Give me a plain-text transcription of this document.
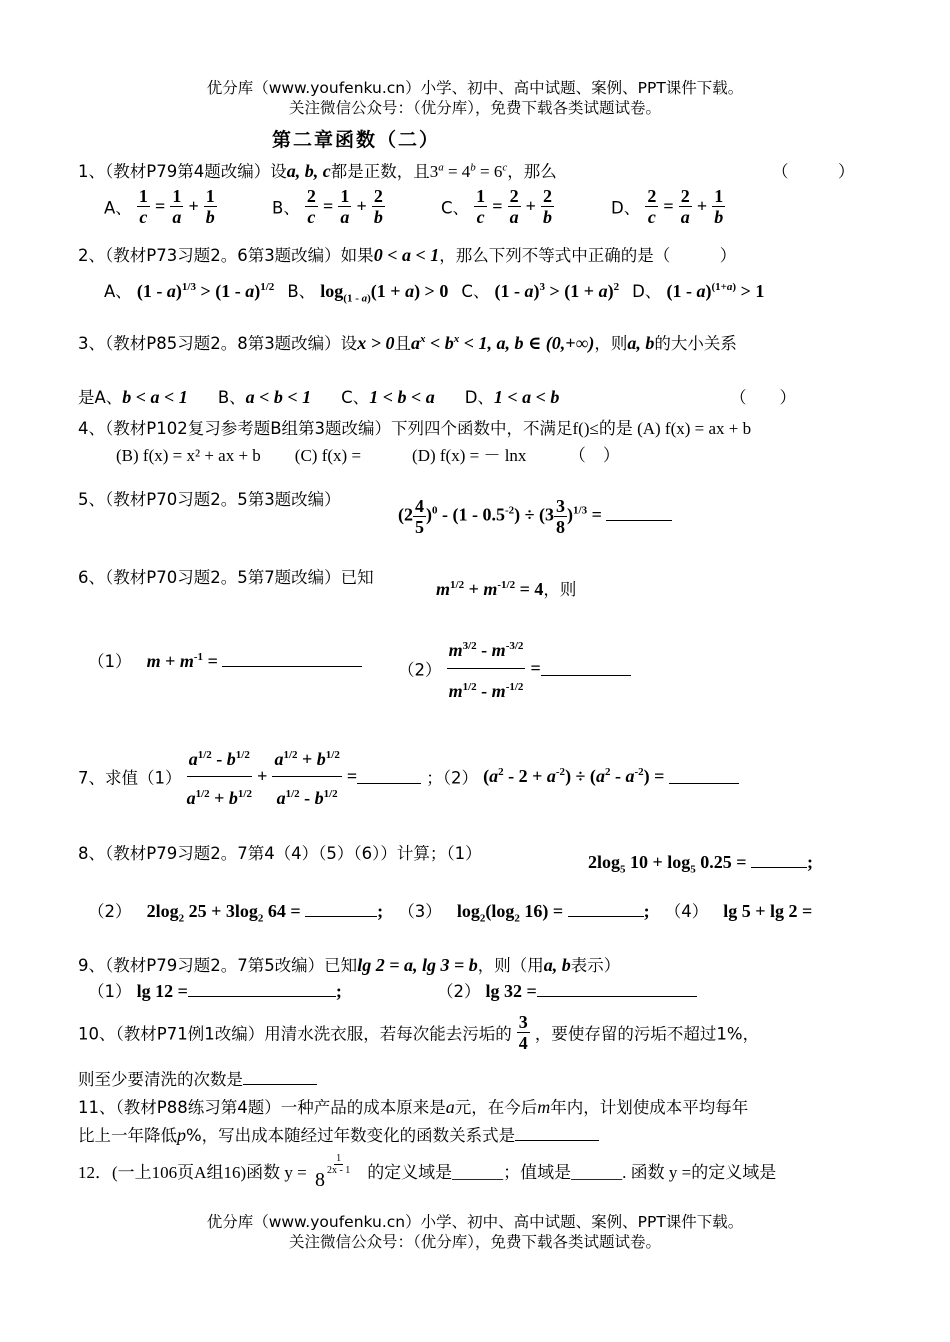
优分库（www.youfenku.cn）小学、初中、高中试题、案例、PPT课件下载。
关注微信公众号：（优分库），免费下载各类试题试卷。
第二章函数（二）
1、（教材P79第4题改编）设a, b, c都是正数，且$3^a = 4^b = 6^c$，那么	（　　　）
A、 $\frac{1}{c} = \frac{1}{a} + \frac{1}{b}$	B、 $\frac{2}{c} = \frac{1}{a} + \frac{2}{b}$	C、 $\frac{1}{c} = \frac{2}{a} + \frac{2}{b}$	D、 $\frac{2}{c} = \frac{2}{a} + \frac{1}{b}$
2、（教材P73习题2。6第3题改编）如果0 < a < 1，那么下列不等式中正确的是（　　　）
A、 (1 - a)$^{1/3}$ > (1 - a)$^{1/2}$ B、 $\log_{(1 - a)}(1 + a) > 0$ C、 $(1 - a)^3 > (1 + a)^2$ D、 (1 - a)$^{(1+a)}$ > 1
3、（教材P85习题2。8第3题改编）设x > 0且$a^x < b^x < 1$, a, b ∈ (0,+∞)，则a, b的大小关系
是A、b < a < 1 B、a < b < 1 C、1 < b < a D、1 < a < b	（　　）
4、（教材P102复习参考题B组第3题改编）下列四个函数中，不满足f()≤的是 (A) f(x) = ax + b
(B) f(x) = x² + ax + b　　(C) f(x) =　　　(D) f(x) = － lnx　　　（　）
5、（教材P70习题2。5第3题改编）
$(2 \frac{4}{5} )^0 - (1 - 0.5^{-2}) \div (3 \frac{3}{8} )^{1/3}$ =
6、（教材P70习题2。5第7题改编）已知
$m^{1/2} + m^{-1/2} = 4$，则
（1） $m + m^{-1}$ =	$(2) \frac{m^{3/2} - m^{-3/2}}{m^{1/2} - m^{-1/2}}$ =
7、求值$(1) \frac{a^{1/2} - b^{1/2}}{a^{1/2} + b^{1/2}} + \frac{a^{1/2} + b^{1/2}}{a^{1/2} - b^{1/2}}$ =	；（2） $(a^2 - 2 + a^{-2}) \div (a^2 - a^{-2})$ =
8、（教材P79习题2。7第4（4）（5）（6））计算；（1）	$2\log_5$ $10 + \log_5 0.25$ =	;
（2） $2\log_2$ $25 + 3\log_2$ 64 =	; （3） $\log_2(\log_2$ 16) =	; （4） lg 5 + lg 2 =
9、（教材P79习题2。7第5改编）已知lg 2 = a, lg 3 = b，则（用a, b表示）
（1） lg 12 =	;	（2） lg 32 =
10、（教材P71例1改编）用清水洗衣服，若每次能去污垢的 $\frac{3}{4}$ ，要使存留的污垢不超过1%，
则至少要清洗的次数是
11、（教材P88练习第4题）一种产品的成本原来是a元，在今后m年内，计划使成本平均每年
比上一年降低p%，写出成本随经过年数变化的函数关系式是
12．(一上106页A组16)函数 y = 8
1
2x - 1 的定义域是______；值域是______. 函数 y =的定义域是
优分库（www.youfenku.cn）小学、初中、高中试题、案例、PPT课件下载。
关注微信公众号：（优分库），免费下载各类试题试卷。
